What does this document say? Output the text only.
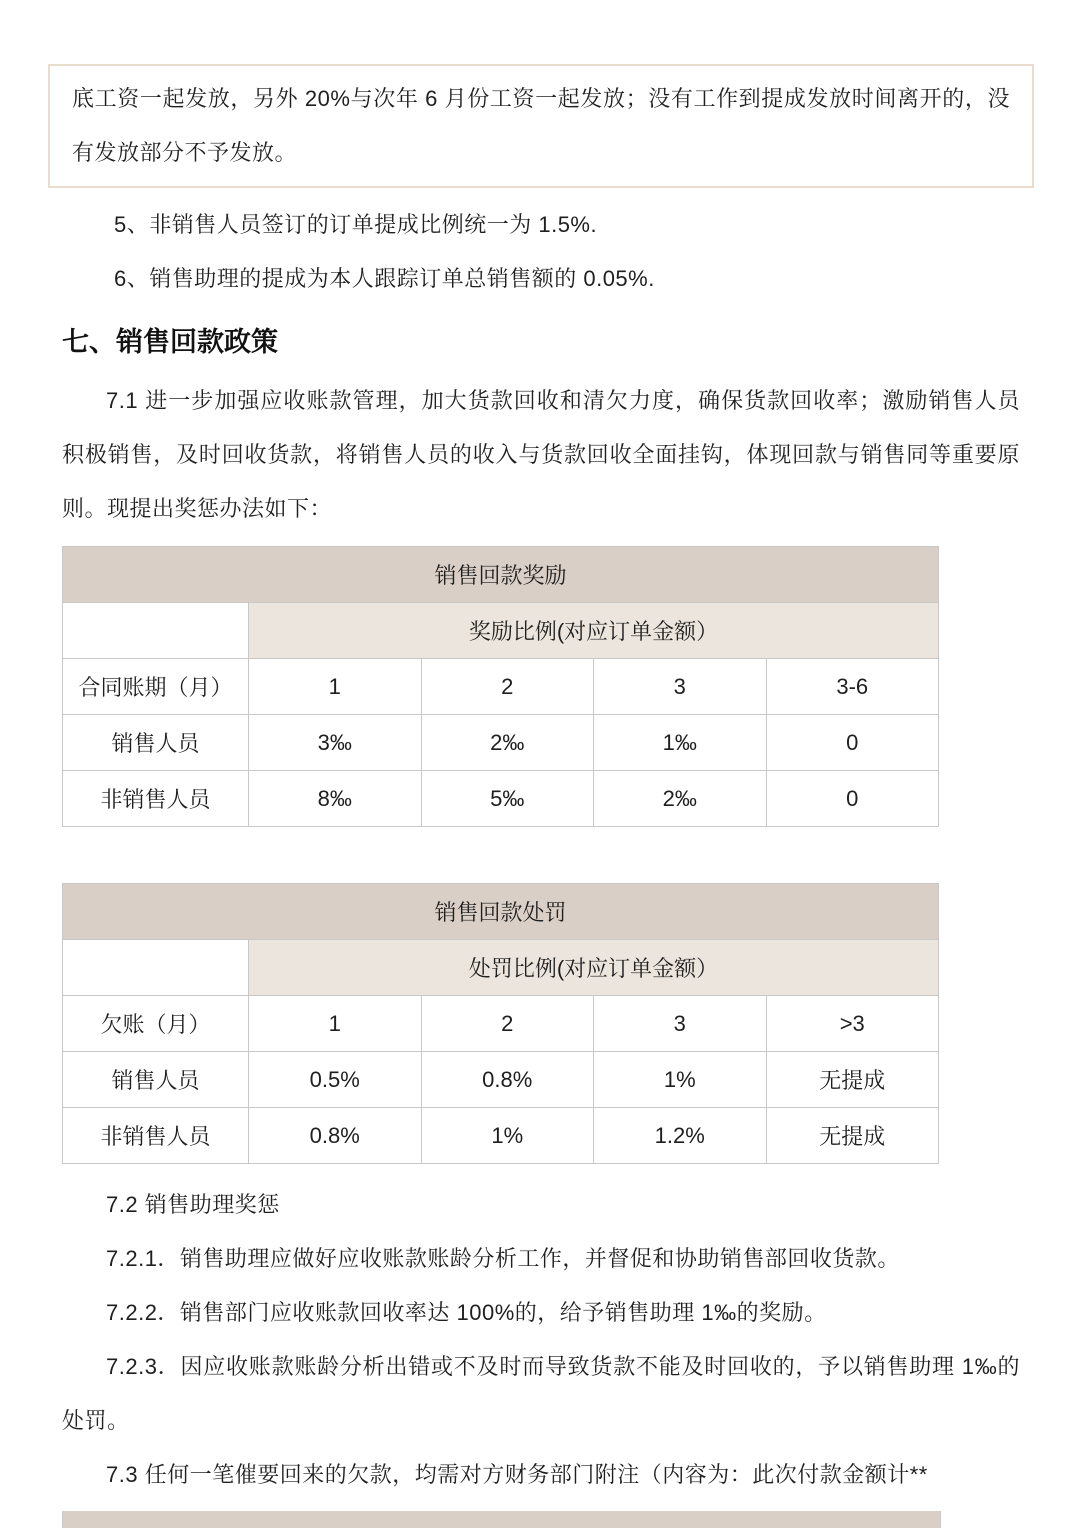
底工资一起发放，另外 20%与次年 6 月份工资一起发放；没有工作到提成发放时间离开的，没有发放部分不予发放。

5、非销售人员签订的订单提成比例统一为 1.5%.

6、销售助理的提成为本人跟踪订单总销售额的 0.05%.

七、销售回款政策

7.1 进一步加强应收账款管理，加大货款回收和清欠力度，确保货款回收率；激励销售人员积极销售，及时回收货款，将销售人员的收入与货款回收全面挂钩，体现回款与销售同等重要原则。现提出奖惩办法如下：

销售回款奖励				
	奖励比例(对应订单金额）			
合同账期（月）	1	2	3	3-6
销售人员	3‰	2‰	1‰	0
非销售人员	8‰	5‰	2‰	0
销售回款处罚				
	处罚比例(对应订单金额）			
欠账（月）	1	2	3	>3
销售人员	0.5%	0.8%	1%	无提成
非销售人员	0.8%	1%	1.2%	无提成

7.2 销售助理奖惩

7.2.1．销售助理应做好应收账款账龄分析工作，并督促和协助销售部回收货款。

7.2.2．销售部门应收账款回收率达 100%的，给予销售助理 1‰的奖励。

7.2.3．因应收账款账龄分析出错或不及时而导致货款不能及时回收的，予以销售助理 1‰的处罚。

7.3 任何一笔催要回来的欠款，均需对方财务部门附注（内容为：此次付款金额计**
